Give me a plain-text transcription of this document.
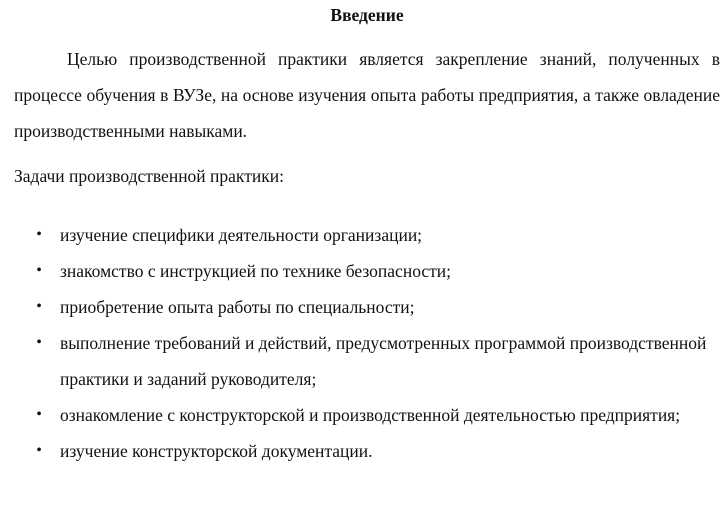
Введение

Целью производственной практики является закрепление знаний, полученных в процессе обучения в ВУЗе, на основе изучения опыта работы предприятия, а также овладение производственными навыками.

Задачи производственной практики:

• изучение специфики деятельности организации;
• знакомство с инструкцией по технике безопасности;
• приобретение опыта работы по специальности;
• выполнение требований и действий, предусмотренных программой производственной практики и заданий руководителя;
• ознакомление с конструкторской и производственной деятельностью предприятия;
• изучение конструкторской документации.
